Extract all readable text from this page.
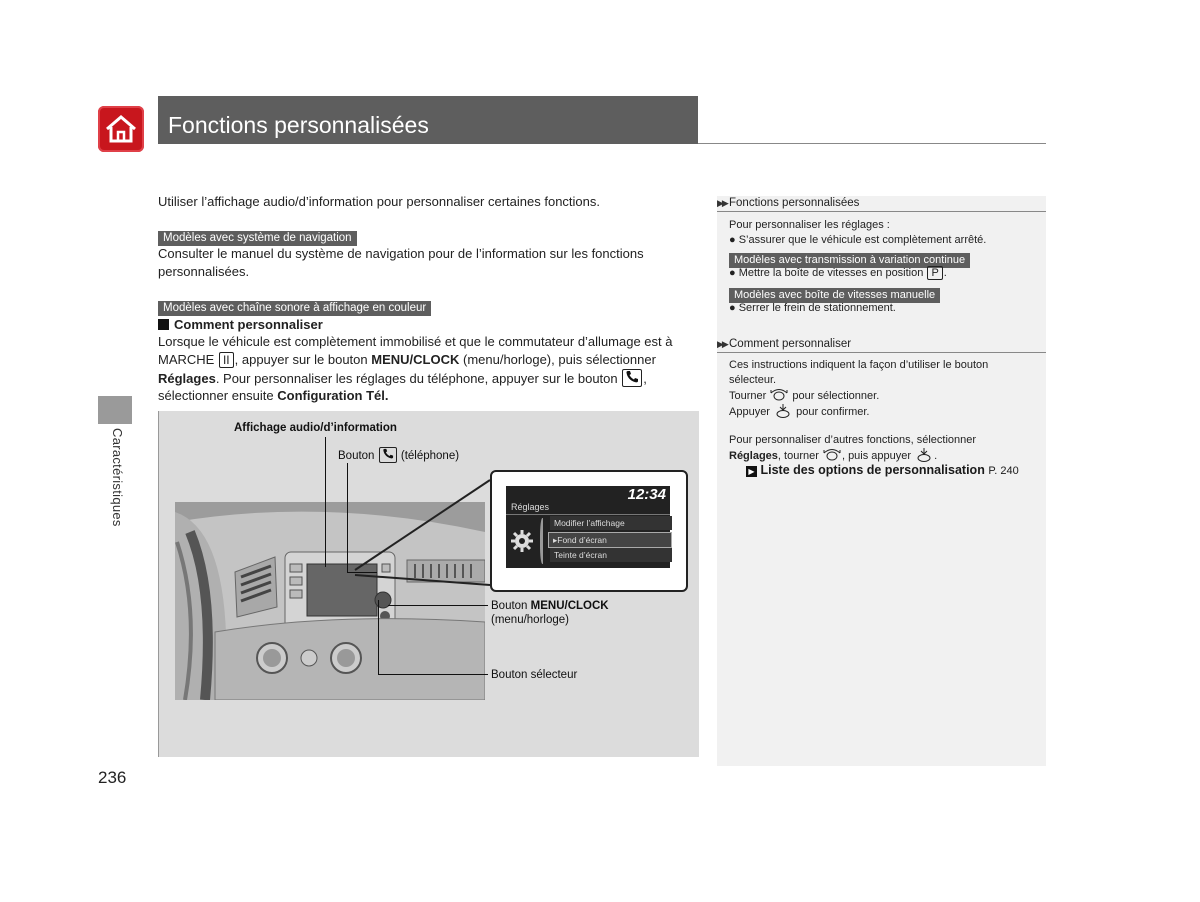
Fonctions personnalisées
Caractéristiques
Utiliser l’affichage audio/d’information pour personnaliser certaines fonctions.
Modèles avec système de navigation
Consulter le manuel du système de navigation pour de l’information sur les fonctions
personnalisées.
Modèles avec chaîne sonore à affichage en couleur
Comment personnaliser
Lorsque le véhicule est complètement immobilisé et que le commutateur d’allumage est à
MARCHE II , appuyer sur le bouton MENU/CLOCK (menu/horloge), puis sélectionner
Réglages. Pour personnaliser les réglages du téléphone, appuyer sur le bouton ,
sélectionner ensuite Configuration Tél.
12:34
Réglages
Modifier l’affichage
▸Fond d’écran
Teinte d’écran
Affichage audio/d’information
Bouton (téléphone)
Bouton MENU/CLOCK
(menu/horloge)
Bouton sélecteur
236
▶▶ Fonctions personnalisées
Pour personnaliser les réglages :
● S’assurer que le véhicule est complètement arrêté.
Modèles avec transmission à variation continue
● Mettre la boîte de vitesses en position P .
Modèles avec boîte de vitesses manuelle
● Serrer le frein de stationnement.
▶▶ Comment personnaliser
Ces instructions indiquent la façon d’utiliser le bouton
sélecteur.
Tourner pour sélectionner.
Appuyer pour confirmer.
Pour personnaliser d’autres fonctions, sélectionner
Réglages, tourner , puis appuyer .
▶ Liste des options de personnalisation P. 240
